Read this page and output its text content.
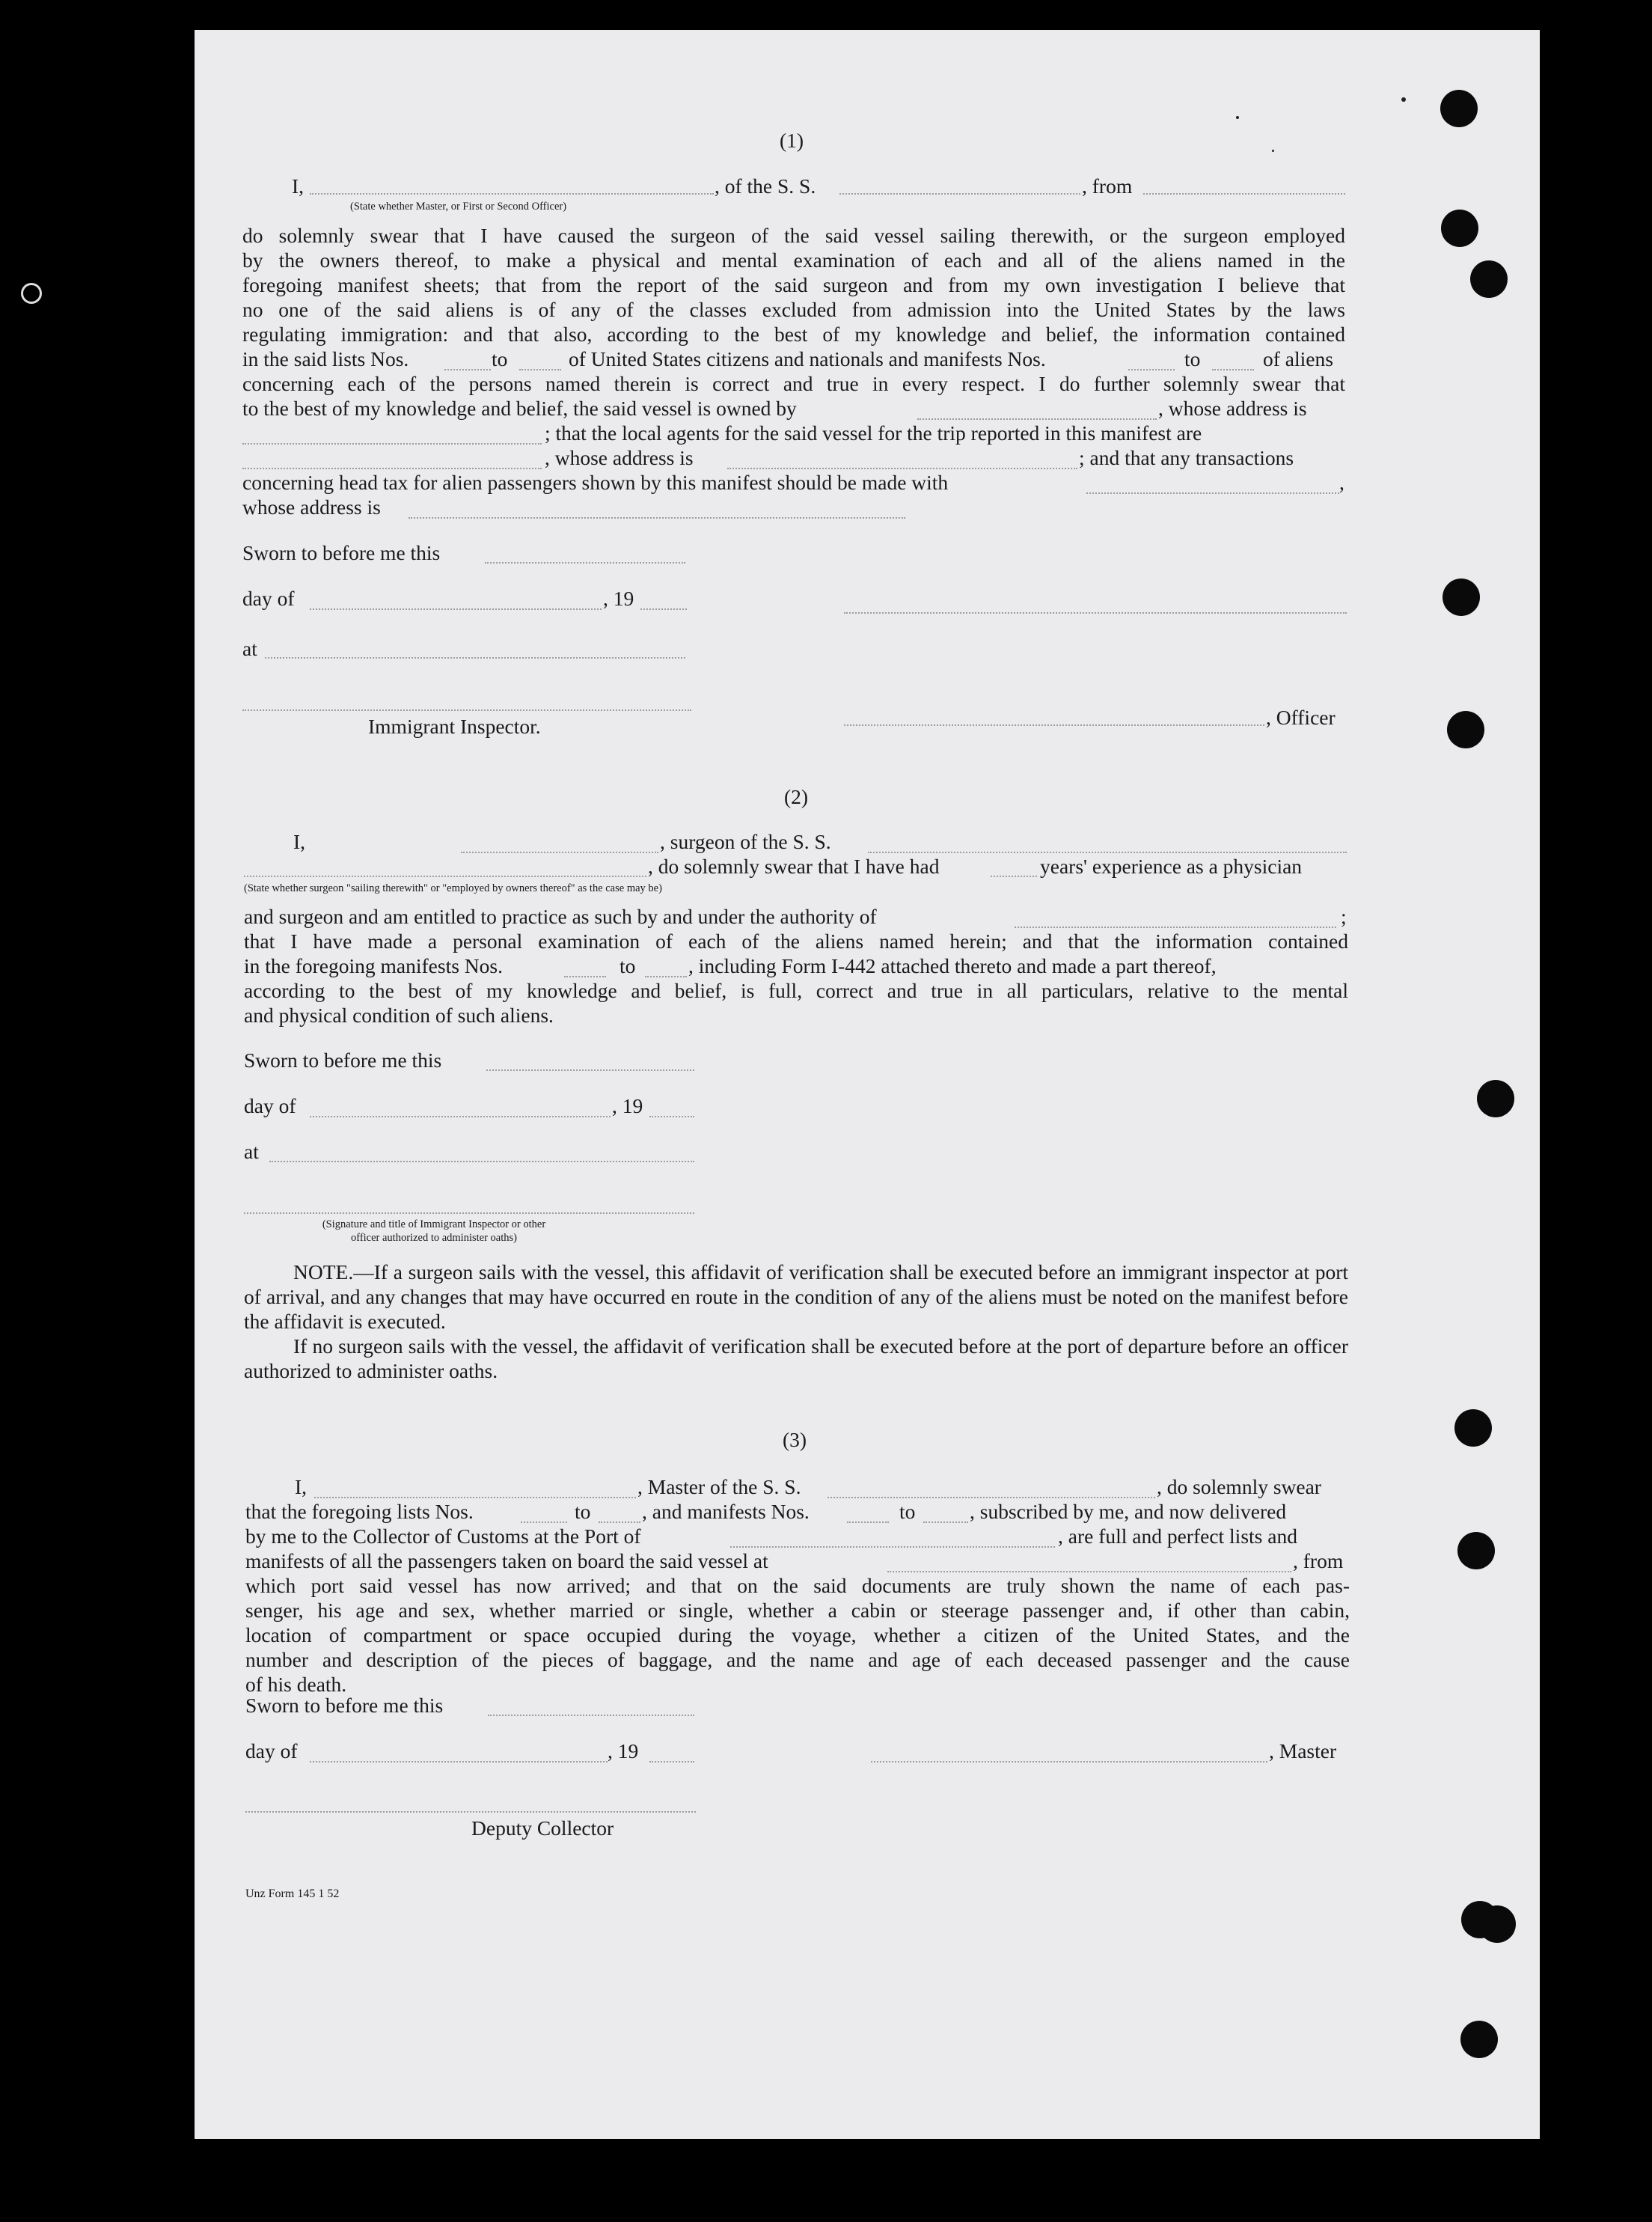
(1)
I,	, of the S. S.	, from
(State whether Master, or First or Second Officer)
do solemnly swear that I have caused the surgeon of the said vessel sailing therewith, or the surgeon employed
by the owners thereof, to make a physical and mental examination of each and all of the aliens named in the
foregoing manifest sheets; that from the report of the said surgeon and from my own investigation I believe that
no one of the said aliens is of any of the classes excluded from admission into the United States by the laws
regulating immigration: and that also, according to the best of my knowledge and belief, the information contained
in the said lists Nos.	to	of United States citizens and nationals and manifests Nos.	to	of aliens
concerning each of the persons named therein is correct and true in every respect. I do further solemnly swear that
to the best of my knowledge and belief, the said vessel is owned by	, whose address is
; that the local agents for the said vessel for the trip reported in this manifest are
, whose address is	; and that any transactions
concerning head tax for alien passengers shown by this manifest should be made with	,
whose address is
Sworn to before me this
day of	, 19
at
Immigrant Inspector.	, Officer
(2)
I,	, surgeon of the S. S.
, do solemnly swear that I have had	years' experience as a physician
(State whether surgeon "sailing therewith" or "employed by owners thereof" as the case may be)
and surgeon and am entitled to practice as such by and under the authority of	;
that I have made a personal examination of each of the aliens named herein; and that the information contained
in the foregoing manifests Nos.	to	, including Form I-442 attached thereto and made a part thereof,
according to the best of my knowledge and belief, is full, correct and true in all particulars, relative to the mental
and physical condition of such aliens.
Sworn to before me this
day of	, 19
at
(Signature and title of Immigrant Inspector or other
officer authorized to administer oaths)
NOTE.—If a surgeon sails with the vessel, this affidavit of verification shall be executed before an immigrant inspector at port of arrival, and any changes that may have occurred en route in the condition of any of the aliens must be noted on the manifest before the affidavit is executed.
If no surgeon sails with the vessel, the affidavit of verification shall be executed before at the port of departure before an officer authorized to administer oaths.
(3)
I,	, Master of the S. S.	, do solemnly swear
that the foregoing lists Nos.	to , and manifests Nos.	to	, subscribed by me, and now delivered
by me to the Collector of Customs at the Port of	, are full and perfect lists and
manifests of all the passengers taken on board the said vessel at	, from
which port said vessel has now arrived; and that on the said documents are truly shown the name of each pas-
senger, his age and sex, whether married or single, whether a cabin or steerage passenger and, if other than cabin,
location of compartment or space occupied during the voyage, whether a citizen of the United States, and the
number and description of the pieces of baggage, and the name and age of each deceased passenger and the cause
of his death.
Sworn to before me this
day of	, 19	, Master
Deputy Collector
Unz Form 145 1 52
